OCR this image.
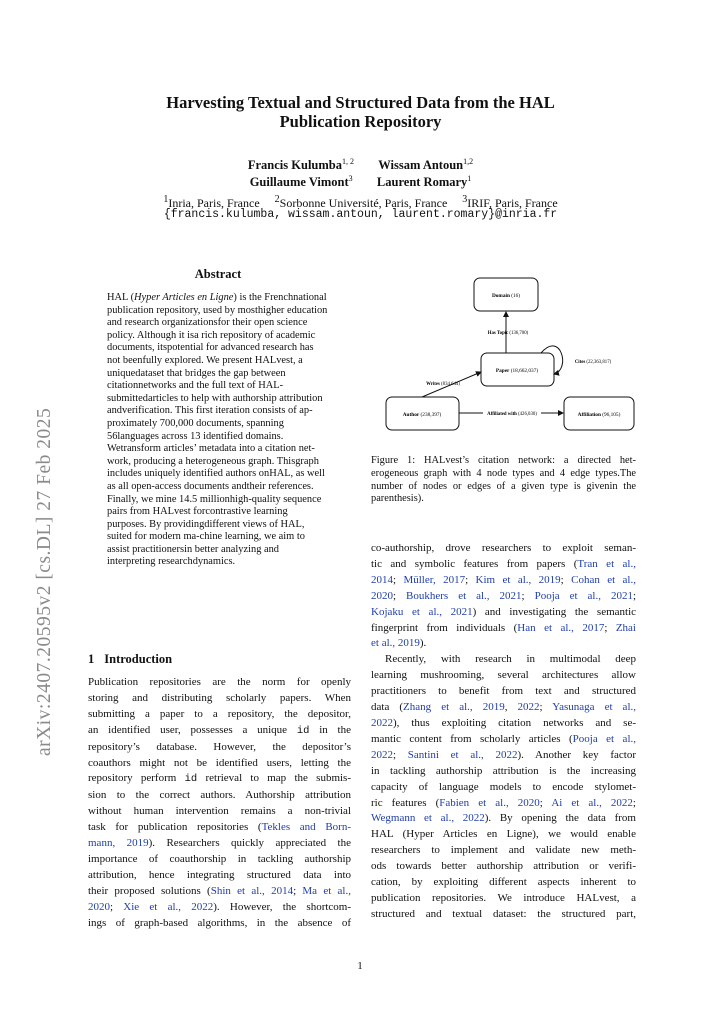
Harvesting Textual and Structured Data from the HAL
Publication Repository
Francis Kulumba$^{1, 2}$ Wissam Antoun$^{1,2}$
Guillaume Vimont$^3$ Laurent Romary$^1$
$^1$Inria, Paris, France $^2$Sorbonne Université, Paris, France $^3$IRIF, Paris, France
{francis.kulumba, wissam.antoun, laurent.romary}@inria.fr
arXiv:2407.20595v2 [cs.DL] 27 Feb 2025
Abstract
HAL (Hyper Articles en Ligne) is the Frenchnational publication repository, used by mosthigher education and research organizationsfor their open science policy. Although it isa rich repository of academic documents, itspotential for advanced research has not beenfully explored. We present HALvest, a uniquedataset that bridges the gap between citationnetworks and the full text of HAL-submittedarticles to help with authorship attribution andverification. This first iteration consists of ap-proximately 700,000 documents, spanning 56languages across 13 identified domains. Wetransform articles’ metadata into a citation net-work, producing a heterogeneous graph. Thisgraph includes uniquely identified authors onHAL, as well as all open-access documents andtheir references. Finally, we mine 14.5 millionhigh-quality sequence pairs from HALvest forcontrastive learning purposes. By providingdifferent views of HAL, suited for modern ma-chine learning, we aim to assist practitionersin better analyzing and interpreting researchdynamics.
1 Introduction
Publication repositories are the norm for openly
storing and distributing scholarly papers. When
submitting a paper to a repository, the depositor,
an identified user, possesses a unique id in the
repository’s database. However, the depositor’s
coauthors might not be identified users, letting the
repository perform id retrieval to map the submis-
sion to the correct authors. Authorship attribution
without human intervention remains a non-trivial
task for publication repositories (Tekles and Born-
mann, 2019). Researchers quickly appreciated the
importance of coauthorship in tackling authorship
attribution, hence integrating structured data into
their proposed solutions (Shin et al., 2014; Ma et al.,
2020; Xie et al., 2022). However, the shortcom-
ings of graph-based algorithms, in the absence of
Domain (16)
Paper (18,662,037)
Author (238,397)	Affiliation (96,105)
Has Topic (136,700)
Cites (22,363,817)
Writes (834,644)
Affiliated with (426,030)
Figure 1: HALvest’s citation network: a directed het-erogeneous graph with 4 node types and 4 edge types.The number of nodes or edges of a given type is givenin the parenthesis).
co-authorship, drove researchers to exploit seman-
tic and symbolic features from papers (Tran et al.,
2014; Müller, 2017; Kim et al., 2019; Cohan et al.,
2020; Boukhers et al., 2021; Pooja et al., 2021;
Kojaku et al., 2021) and investigating the semantic
fingerprint from individuals (Han et al., 2017; Zhai
et al., 2019).
Recently, with research in multimodal deep
learning mushrooming, several architectures allow
practitioners to benefit from text and structured
data (Zhang et al., 2019, 2022; Yasunaga et al.,
2022), thus exploiting citation networks and se-
mantic content from scholarly articles (Pooja et al.,
2022; Santini et al., 2022). Another key factor
in tackling authorship attribution is the increasing
capacity of language models to encode stylomet-
ric features (Fabien et al., 2020; Ai et al., 2022;
Wegmann et al., 2022). By opening the data from
HAL (Hyper Articles en Ligne), we would enable
researchers to implement and validate new meth-
ods towards better authorship attribution or verifi-
cation, by exploiting different aspects inherent to
publication repositories. We introduce HALvest, a
structured and textual dataset: the structured part,
1
